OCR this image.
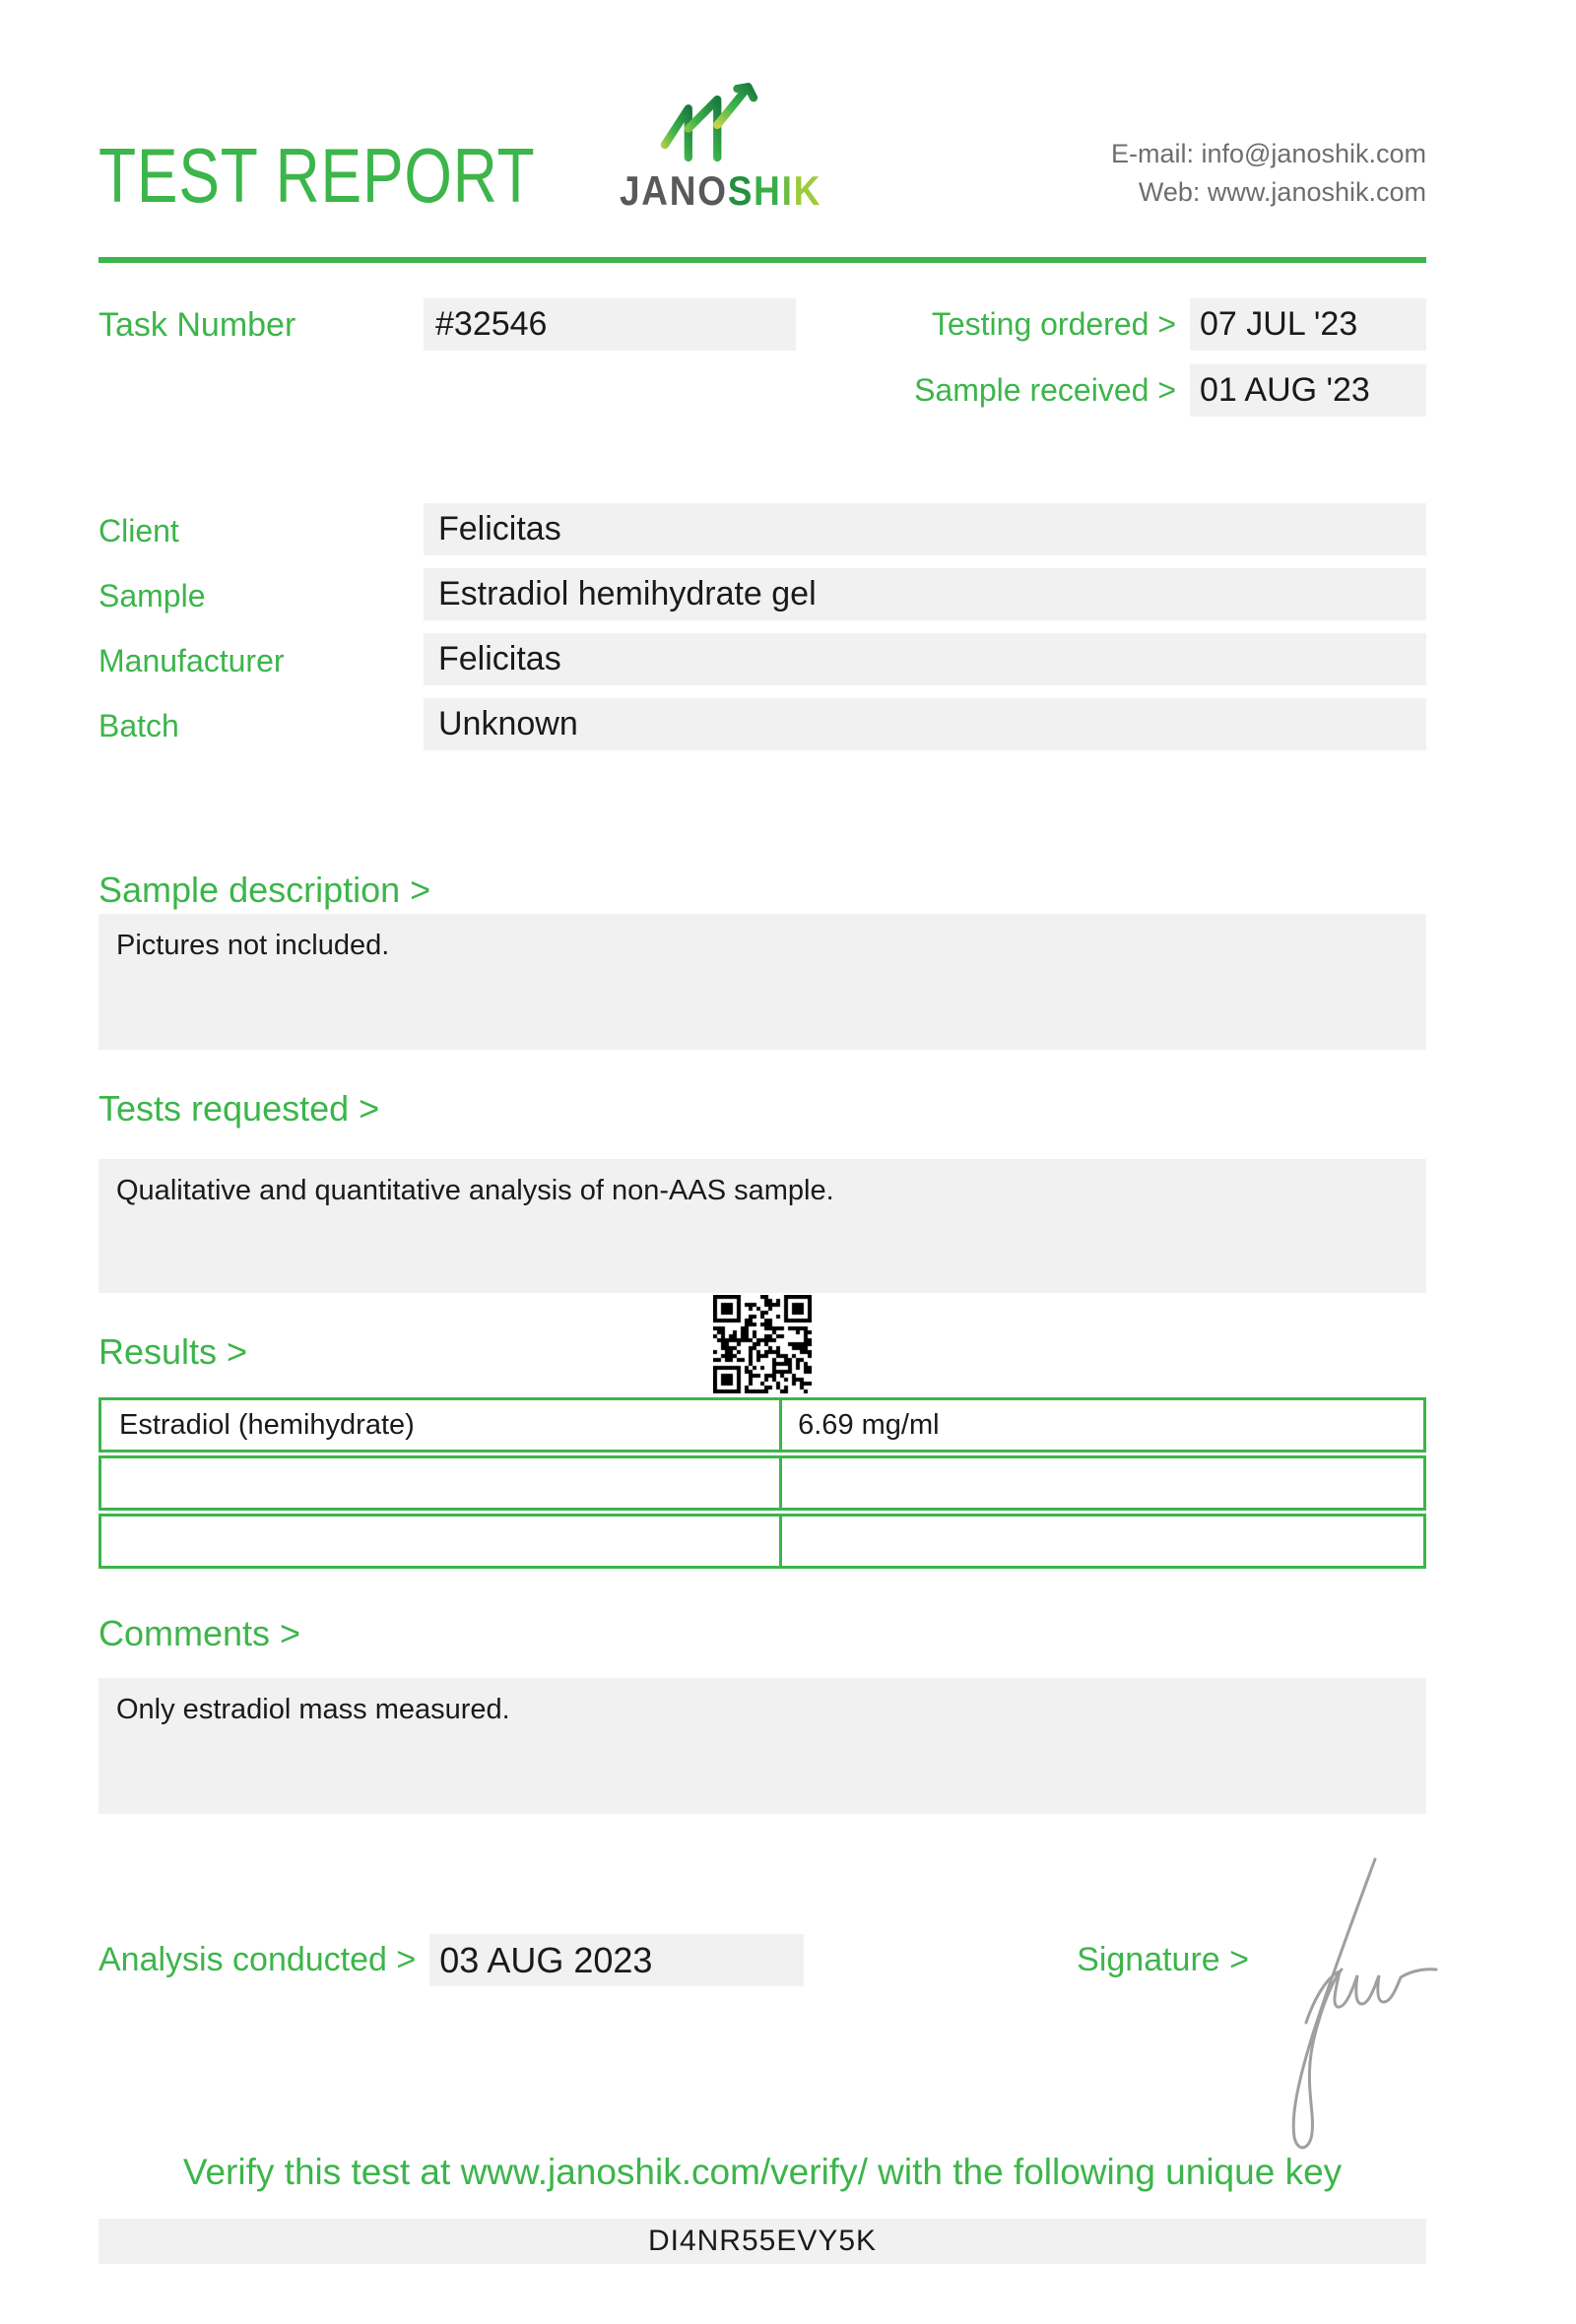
TEST REPORT JANOSHIK
E-mail: info@janoshik.com
Web: www.janoshik.com
Task Number	#32546	Testing ordered > 07 JUL '23
Sample received > 01 AUG '23
Client	Felicitas
Sample	Estradiol hemihydrate gel
Manufacturer	Felicitas
Batch	Unknown
Sample description >
Pictures not included.
Tests requested >
Qualitative and quantitative analysis of non-AAS sample.
Results >
Estradiol (hemihydrate)	6.69 mg/ml
Comments >
Only estradiol mass measured.
Analysis conducted > 03 AUG 2023	Signature >
Verify this test at www.janoshik.com/verify/ with the following unique key
DI4NR55EVY5K
